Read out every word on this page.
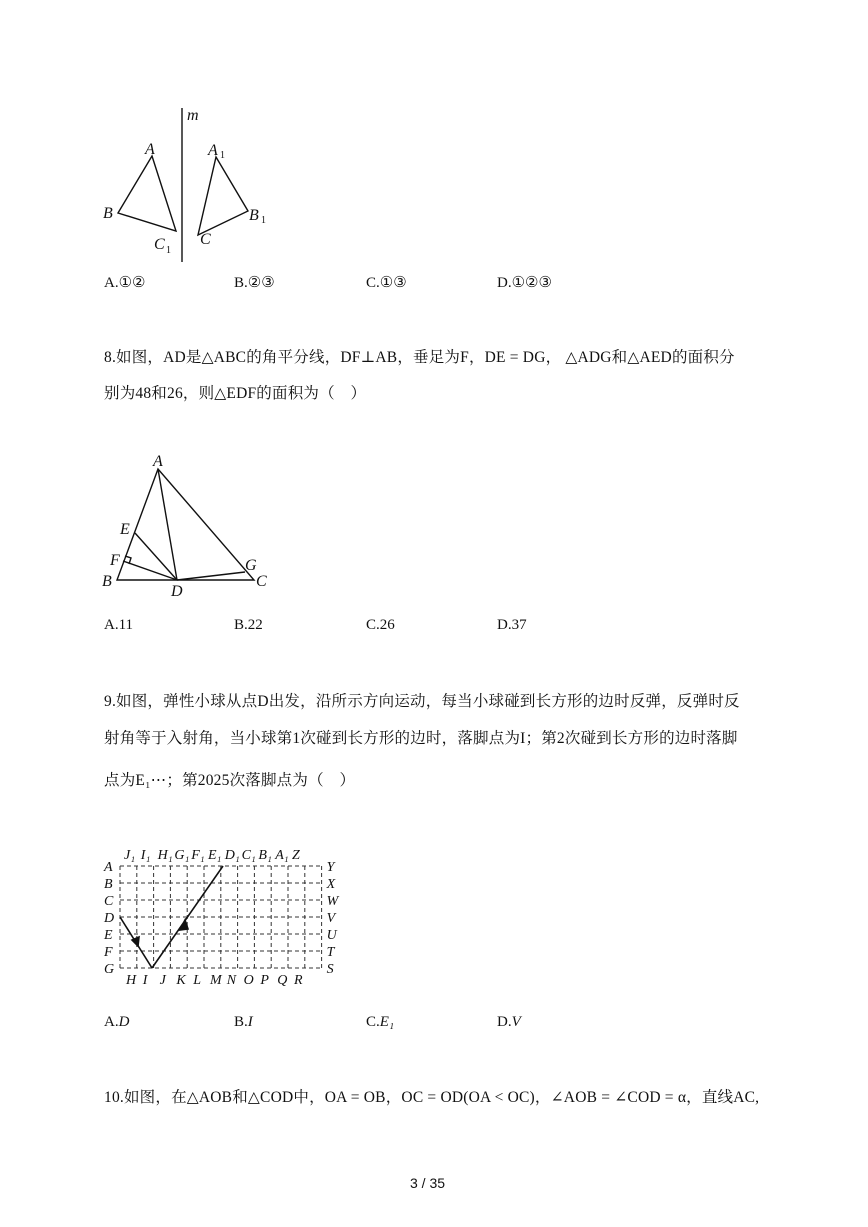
m
A	A 1
B	B 1
C
C 1
A.①②	B.②③	C.①③	D.①②③
8.如图，AD是△ABC的角平分线，DF⊥AB，垂足为F，DE = DG， △ADG和△AED的面积分
别为48和26，则△EDF的面积为（　）
A
E
F
B
D
G
C
A.11	B.22	C.26	D.37
9.如图，弹性小球从点D出发，沿所示方向运动，每当小球碰到长方形的边时反弹，反弹时反
射角等于入射角，当小球第1次碰到长方形的边时，落脚点为I；第2次碰到长方形的边时落脚
点为E₁⋯；第2025次落脚点为（　）
J₁ I₁ H₁ G₁ F₁ E₁ D₁ C₁ B₁ A₁ Z
A
B
C
D
E
F
G
Y
X
W
V
U
T
S
H I J K L M N O P Q R
A.D	B.I	C.E₁	D.V
10.如图，在△AOB和△COD中，OA = OB，OC = OD(OA < OC)，∠AOB = ∠COD = α，直线AC,
3 / 35
